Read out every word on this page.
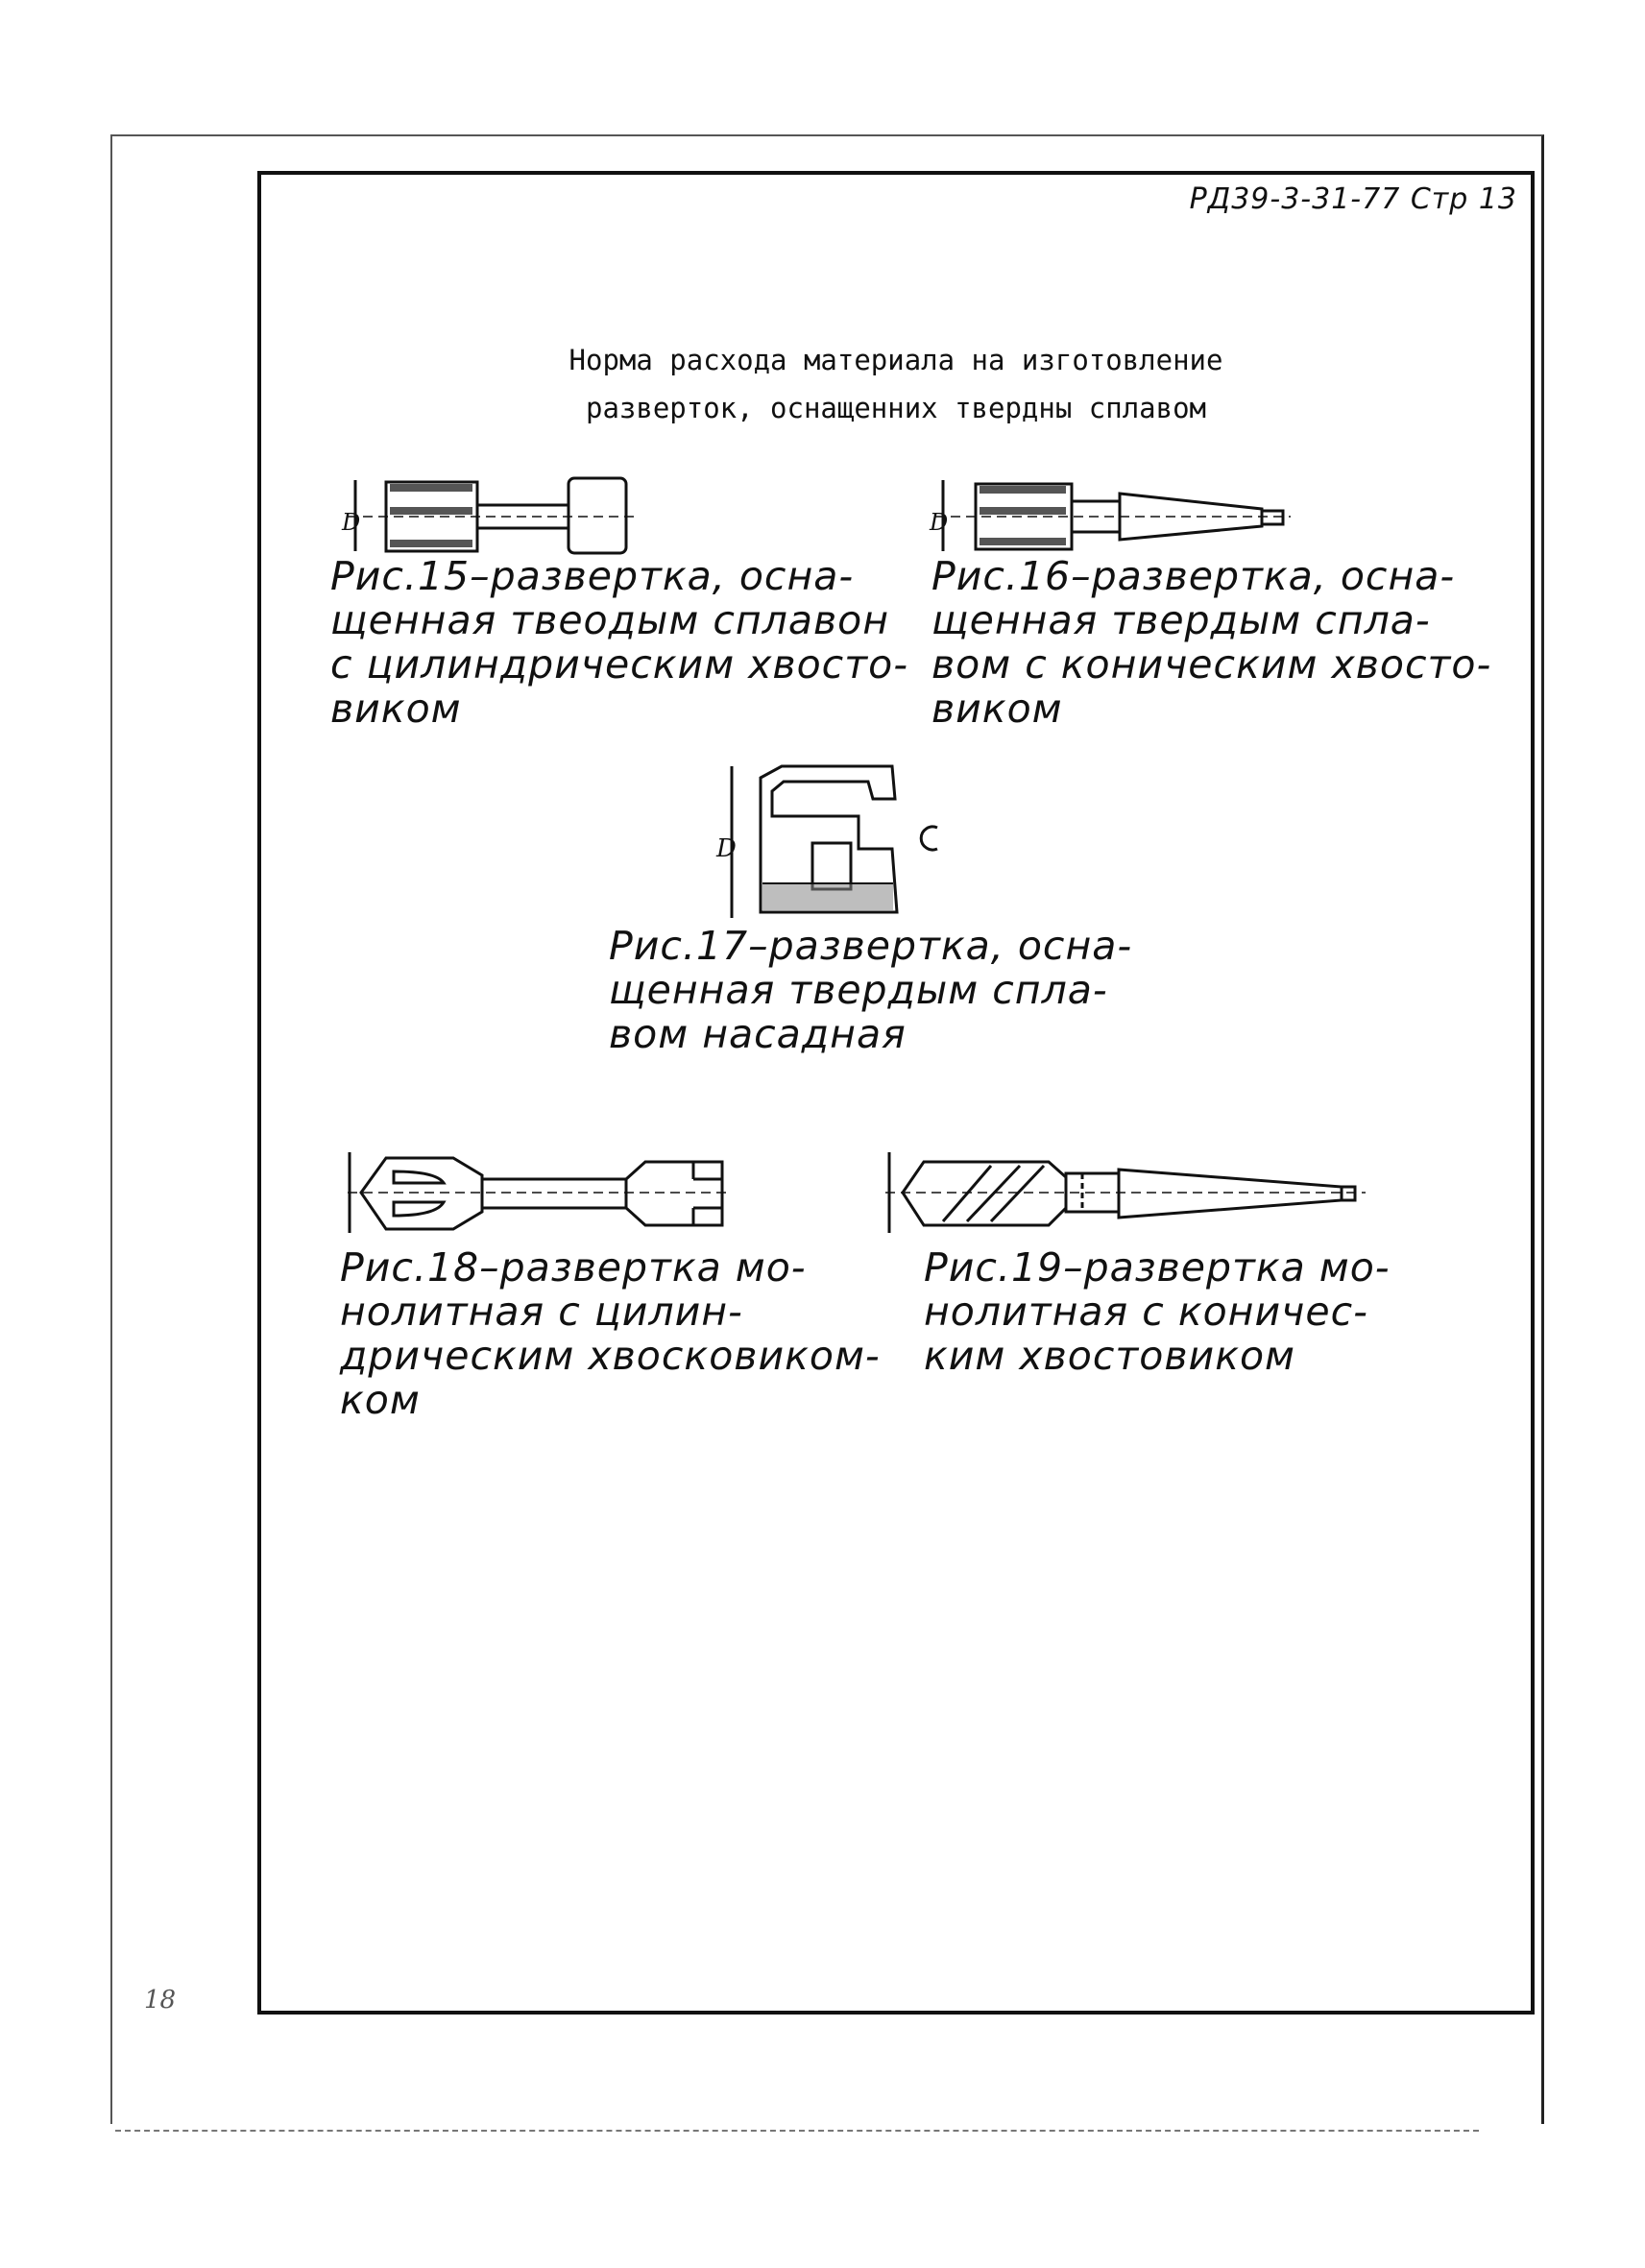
РД39-3-31-77 Стр 13
Норма расхода материала на изготовление
разверток, оснащенних твердны сплавом
D
Рис.15–развертка, осна-
щенная твеодым сплавон
с цилиндрическим хвосто-
виком
D
Рис.16–развертка, осна-
щенная твердым спла-
вом с коническим хвосто-
виком
D
Рис.17–развертка, осна-
щенная твердым спла-
вом насадная
Рис.18–развертка мо-
нолитная с цилин-
дрическим хвосковиком-
ком
Рис.19–развертка мо-
нолитная с коничес-
ким хвостовиком
18
